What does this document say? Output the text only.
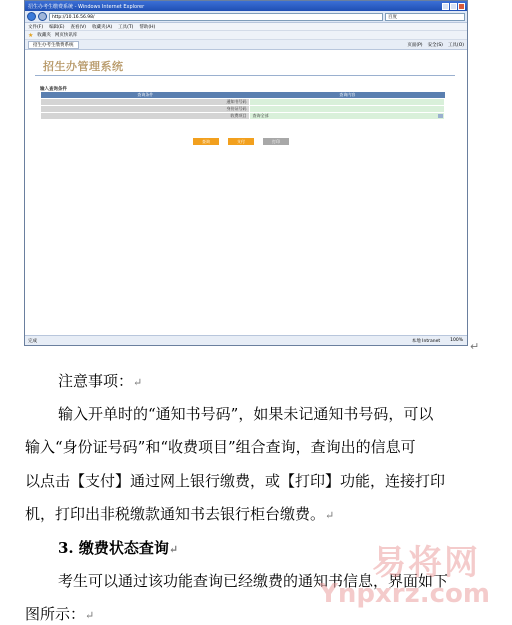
招生办考生缴费系统 - Windows Internet Explorer
http://10.16.56.98/	百度
文件(F) 编辑(E) 查看(V) 收藏夹(A) 工具(T) 帮助(H)
★ 收藏夹 网页快讯库
招生办考生缴费系统	页面(P) 安全(S) 工具(O)
招生办管理系统
输入查询条件
查询条件	查询内容
通知书号码	
身份证号码	
收费项目	查询全部
查询	支付	打印
完成	本地 Intranet 100% ↵
注意事项：↵
输入开单时的“通知书号码”，如果未记通知书号码，可以
输入“身份证号码”和“收费项目”组合查询，查询出的信息可
以点击【支付】通过网上银行缴费，或【打印】功能，连接打印
机，打印出非税缴款通知书去银行柜台缴费。↵
3. 缴费状态查询↵
考生可以通过该功能查询已经缴费的通知书信息，界面如下
图所示：↵
易将网
Ynpxrz.com
